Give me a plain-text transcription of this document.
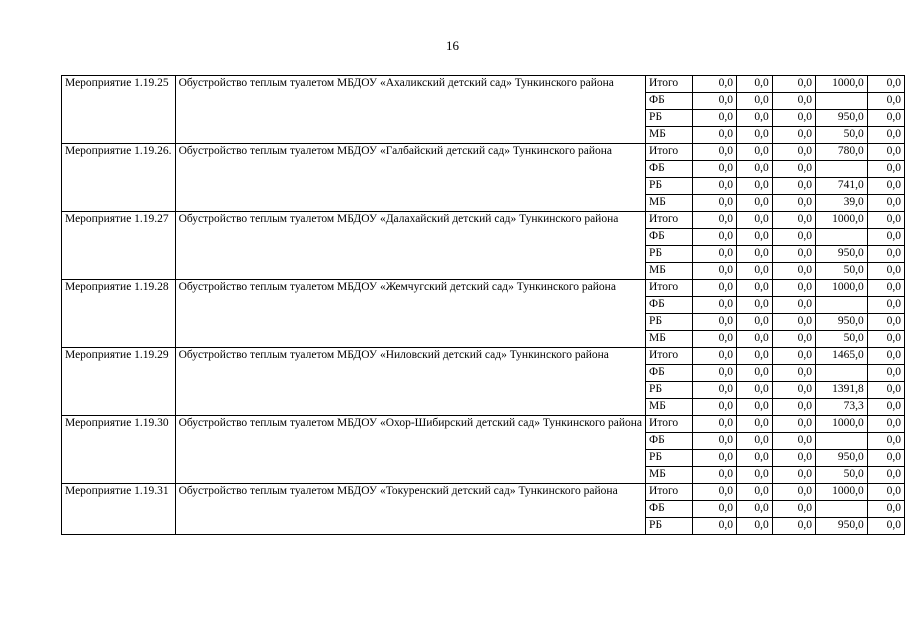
16
Мероприятие 1.19.25	Обустройство теплым туалетом МБДОУ «Ахаликский детский сад» Тункинского района	Итого	0,0	0,0	0,0	1000,0	0,0
		ФБ	0,0	0,0	0,0		0,0
		РБ	0,0	0,0	0,0	950,0	0,0
		МБ	0,0	0,0	0,0	50,0	0,0
Мероприятие 1.19.26.	Обустройство теплым туалетом МБДОУ «Галбайский детский сад» Тункинского района	Итого	0,0	0,0	0,0	780,0	0,0
		ФБ	0,0	0,0	0,0		0,0
		РБ	0,0	0,0	0,0	741,0	0,0
		МБ	0,0	0,0	0,0	39,0	0,0
Мероприятие 1.19.27	Обустройство теплым туалетом МБДОУ «Далахайский детский сад» Тункинского района	Итого	0,0	0,0	0,0	1000,0	0,0
		ФБ	0,0	0,0	0,0		0,0
		РБ	0,0	0,0	0,0	950,0	0,0
		МБ	0,0	0,0	0,0	50,0	0,0
Мероприятие 1.19.28	Обустройство теплым туалетом МБДОУ «Жемчугский детский сад» Тункинского района	Итого	0,0	0,0	0,0	1000,0	0,0
		ФБ	0,0	0,0	0,0		0,0
		РБ	0,0	0,0	0,0	950,0	0,0
		МБ	0,0	0,0	0,0	50,0	0,0
Мероприятие 1.19.29	Обустройство теплым туалетом МБДОУ «Ниловский детский сад» Тункинского района	Итого	0,0	0,0	0,0	1465,0	0,0
		ФБ	0,0	0,0	0,0		0,0
		РБ	0,0	0,0	0,0	1391,8	0,0
		МБ	0,0	0,0	0,0	73,3	0,0
Мероприятие 1.19.30	Обустройство теплым туалетом МБДОУ «Охор-Шибирский детский сад» Тункинского района	Итого	0,0	0,0	0,0	1000,0	0,0
		ФБ	0,0	0,0	0,0		0,0
		РБ	0,0	0,0	0,0	950,0	0,0
		МБ	0,0	0,0	0,0	50,0	0,0
Мероприятие 1.19.31	Обустройство теплым туалетом МБДОУ «Токуренский детский сад» Тункинского района	Итого	0,0	0,0	0,0	1000,0	0,0
		ФБ	0,0	0,0	0,0		0,0
		РБ	0,0	0,0	0,0	950,0	0,0
